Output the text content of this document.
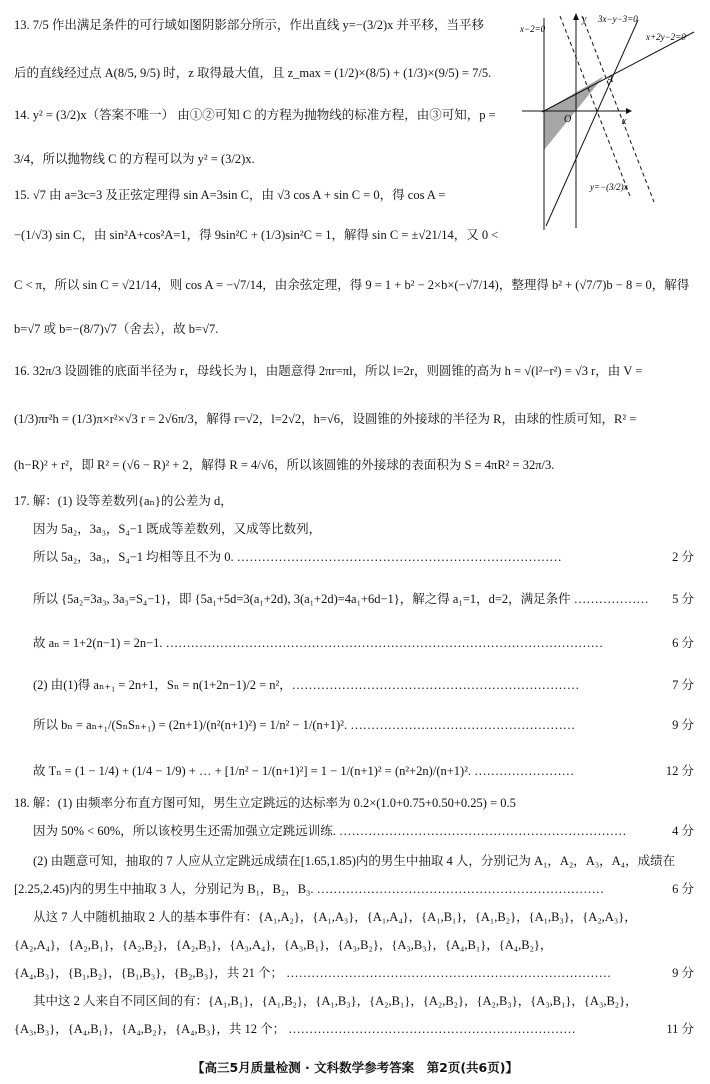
13. 7/5 作出满足条件的可行域如图阴影部分所示，作出直线 y=−(3/2)x 并平移，当平移
后的直线经过点 A(8/5, 9/5) 时，z 取得最大值，且 z_max = (1/2)×(8/5) + (1/3)×(9/5) = 7/5.
14. y² = (3/2)x（答案不唯一） 由①②可知 C 的方程为抛物线的标准方程，由③可知，p =
3/4，所以抛物线 C 的方程可以为 y² = (3/2)x.
15. √7 由 a=3c=3 及正弦定理得 sin A=3sin C，由 √3 cos A + sin C = 0，得 cos A =
−(1/√3) sin C，由 sin²A+cos²A=1，得 9sin²C + (1/3)sin²C = 1，解得 sin C = ±√21/14，又 0 <
C < π，所以 sin C = √21/14，则 cos A = −√7/14，由余弦定理，得 9 = 1 + b² − 2×b×(−√7/14)，整理得 b² + (√7/7)b − 8 = 0，解得
b=√7 或 b=−(8/7)√7（舍去），故 b=√7.
16. 32π/3 设圆锥的底面半径为 r，母线长为 l，由题意得 2πr=πl，所以 l=2r，则圆锥的高为 h = √(l²−r²) = √3 r，由 V =
(1/3)πr²h = (1/3)π×r²×√3 r = 2√6π/3，解得 r=√2，l=2√2，h=√6，设圆锥的外接球的半径为 R，由球的性质可知，R² =
(h−R)² + r²，即 R² = (√6 − R)² + 2，解得 R = 4/√6，所以该圆锥的外接球的表面积为 S = 4πR² = 32π/3.
17. 解：(1) 设等差数列{aₙ}的公差为 d，
因为 5a₂，3a₃，S₄−1 既成等差数列，又成等比数列，
所以 5a₂，3a₃，S₄−1 均相等且不为 0. ……………………………………………………………………
所以 {5a₂=3a₃, 3a₃=S₄−1}，即 {5a₁+5d=3(a₁+2d), 3(a₁+2d)=4a₁+6d−1}，解之得 a₁=1，d=2，满足条件 ………………
故 aₙ = 1+2(n−1) = 2n−1. ……………………………………………………………………………………………
(2) 由(1)得 aₙ₊₁ = 2n+1，Sₙ = n(1+2n−1)/2 = n²，……………………………………………………………
所以 bₙ = aₙ₊₁/(SₙSₙ₊₁) = (2n+1)/(n²(n+1)²) = 1/n² − 1/(n+1)². ………………………………………………
故 Tₙ = (1 − 1/4) + (1/4 − 1/9) + … + [1/n² − 1/(n+1)²] = 1 − 1/(n+1)² = (n²+2n)/(n+1)². ……………………
18. 解：(1) 由频率分布直方图可知，男生立定跳远的达标率为 0.2×(1.0+0.75+0.50+0.25) = 0.5
因为 50% < 60%，所以该校男生还需加强立定跳远训练. ……………………………………………………………
(2) 由题意可知，抽取的 7 人应从立定跳远成绩在[1.65,1.85)内的男生中抽取 4 人，分别记为 A₁，A₂，A₃，A₄，成绩在
[2.25,2.45)内的男生中抽取 3 人，分别记为 B₁，B₂，B₃. ……………………………………………………………
从这 7 人中随机抽取 2 人的基本事件有：{A₁,A₂}，{A₁,A₃}，{A₁,A₄}，{A₁,B₁}，{A₁,B₂}，{A₁,B₃}，{A₂,A₃}，
{A₂,A₄}，{A₂,B₁}，{A₂,B₂}，{A₂,B₃}，{A₃,A₄}，{A₃,B₁}，{A₃,B₂}，{A₃,B₃}，{A₄,B₁}，{A₄,B₂}，
{A₄,B₃}，{B₁,B₂}，{B₁,B₃}，{B₂,B₃}，共 21 个； ……………………………………………………………………
其中这 2 人来自不同区间的有：{A₁,B₁}，{A₁,B₂}，{A₁,B₃}，{A₂,B₁}，{A₂,B₂}，{A₂,B₃}，{A₃,B₁}，{A₃,B₂}，
{A₃,B₃}，{A₄,B₁}，{A₄,B₂}，{A₄,B₃}，共 12 个； ……………………………………………………………
2 分
5 分
6 分
7 分
9 分
12 分
4 分
6 分
9 分
11 分
y
x
O
A
x−2=0
3x−y−3=0
x+2y−2=0
y=−(3/2)x
【高三5月质量检测 · 文科数学参考答案　第2页(共6页)】
